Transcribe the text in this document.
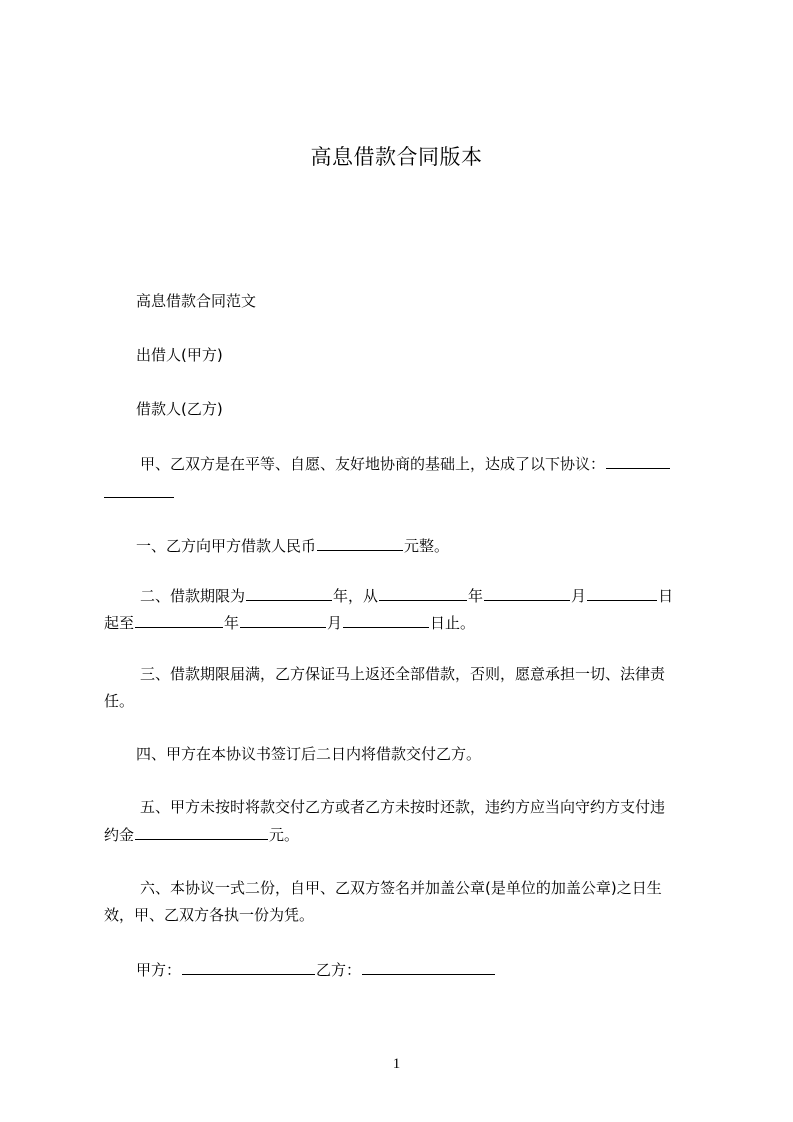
高息借款合同版本
高息借款合同范文
出借人(甲方)
借款人(乙方)
甲、乙双方是在平等、自愿、友好地协商的基础上，达成了以下协议：
一、乙方向甲方借款人民币	元整。
二、借款期限为	年，从	年	月	日
起至	年	月	日止。
三、借款期限届满，乙方保证马上返还全部借款，否则，愿意承担一切、法律责
任。
四、甲方在本协议书签订后二日内将借款交付乙方。
五、甲方未按时将款交付乙方或者乙方未按时还款，违约方应当向守约方支付违
约金	元。
六、本协议一式二份，自甲、乙双方签名并加盖公章(是单位的加盖公章)之日生
效，甲、乙双方各执一份为凭。
甲方：	乙方：
1
